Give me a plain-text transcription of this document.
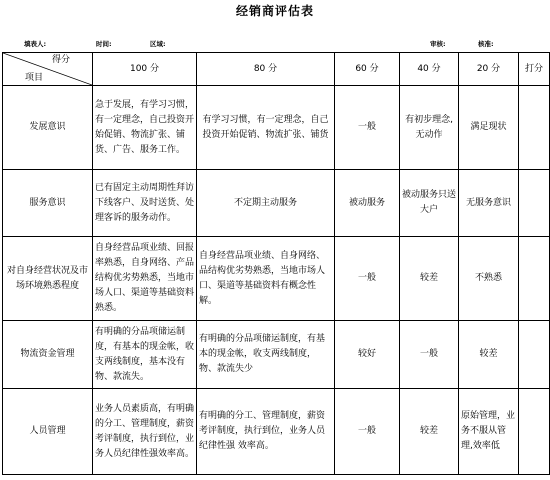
经销商评估表
填表人:	时间:	区域:	审核:	核准:
得分
项目	100 分	80 分	60 分	40 分	20 分	打分
发展意识	急于发展，有学习习惯，有一定理念，自己投资开始促销、物流扩张、铺货、广告、服务工作。	有学习习惯，有一定理念，自己投资开始促销、物流扩张、铺货	一般	有初步理念,无动作	满足现状	
服务意识	已有固定主动周期性拜访下线客户、及时送货、处理客诉的服务动作。	不定期主动服务	被动服务	被动服务只送大户	无服务意识	
对自身经营状况及市场环境熟悉程度	自身经营品项业绩、回报率熟悉，自身网络、产品结构优劣势熟悉，当地市场人口、渠道等基础资料熟悉。	自身经营品项业绩、自身网络、品结构优劣势熟悉，当地市场人口、渠道等基础资料有概念性解。	一般	较差	不熟悉	
物流资金管理	有明确的分品项储运制度，有基本的现金帐，收支两线制度，基本没有物、款流失。	有明确的分品项储运制度，有基本的现金帐，收支两线制度，物、款流失少	较好	一般	较差	
人员管理	业务人员素质高，有明确的分工、管理制度，薪资考评制度，执行到位，业务人员纪律性强效率高。	有明确的分工、管理制度，薪资考评制度，执行到位，业务人员纪律性强 效率高。	一般	较差	原始管理，业务不服从管理,效率低	
